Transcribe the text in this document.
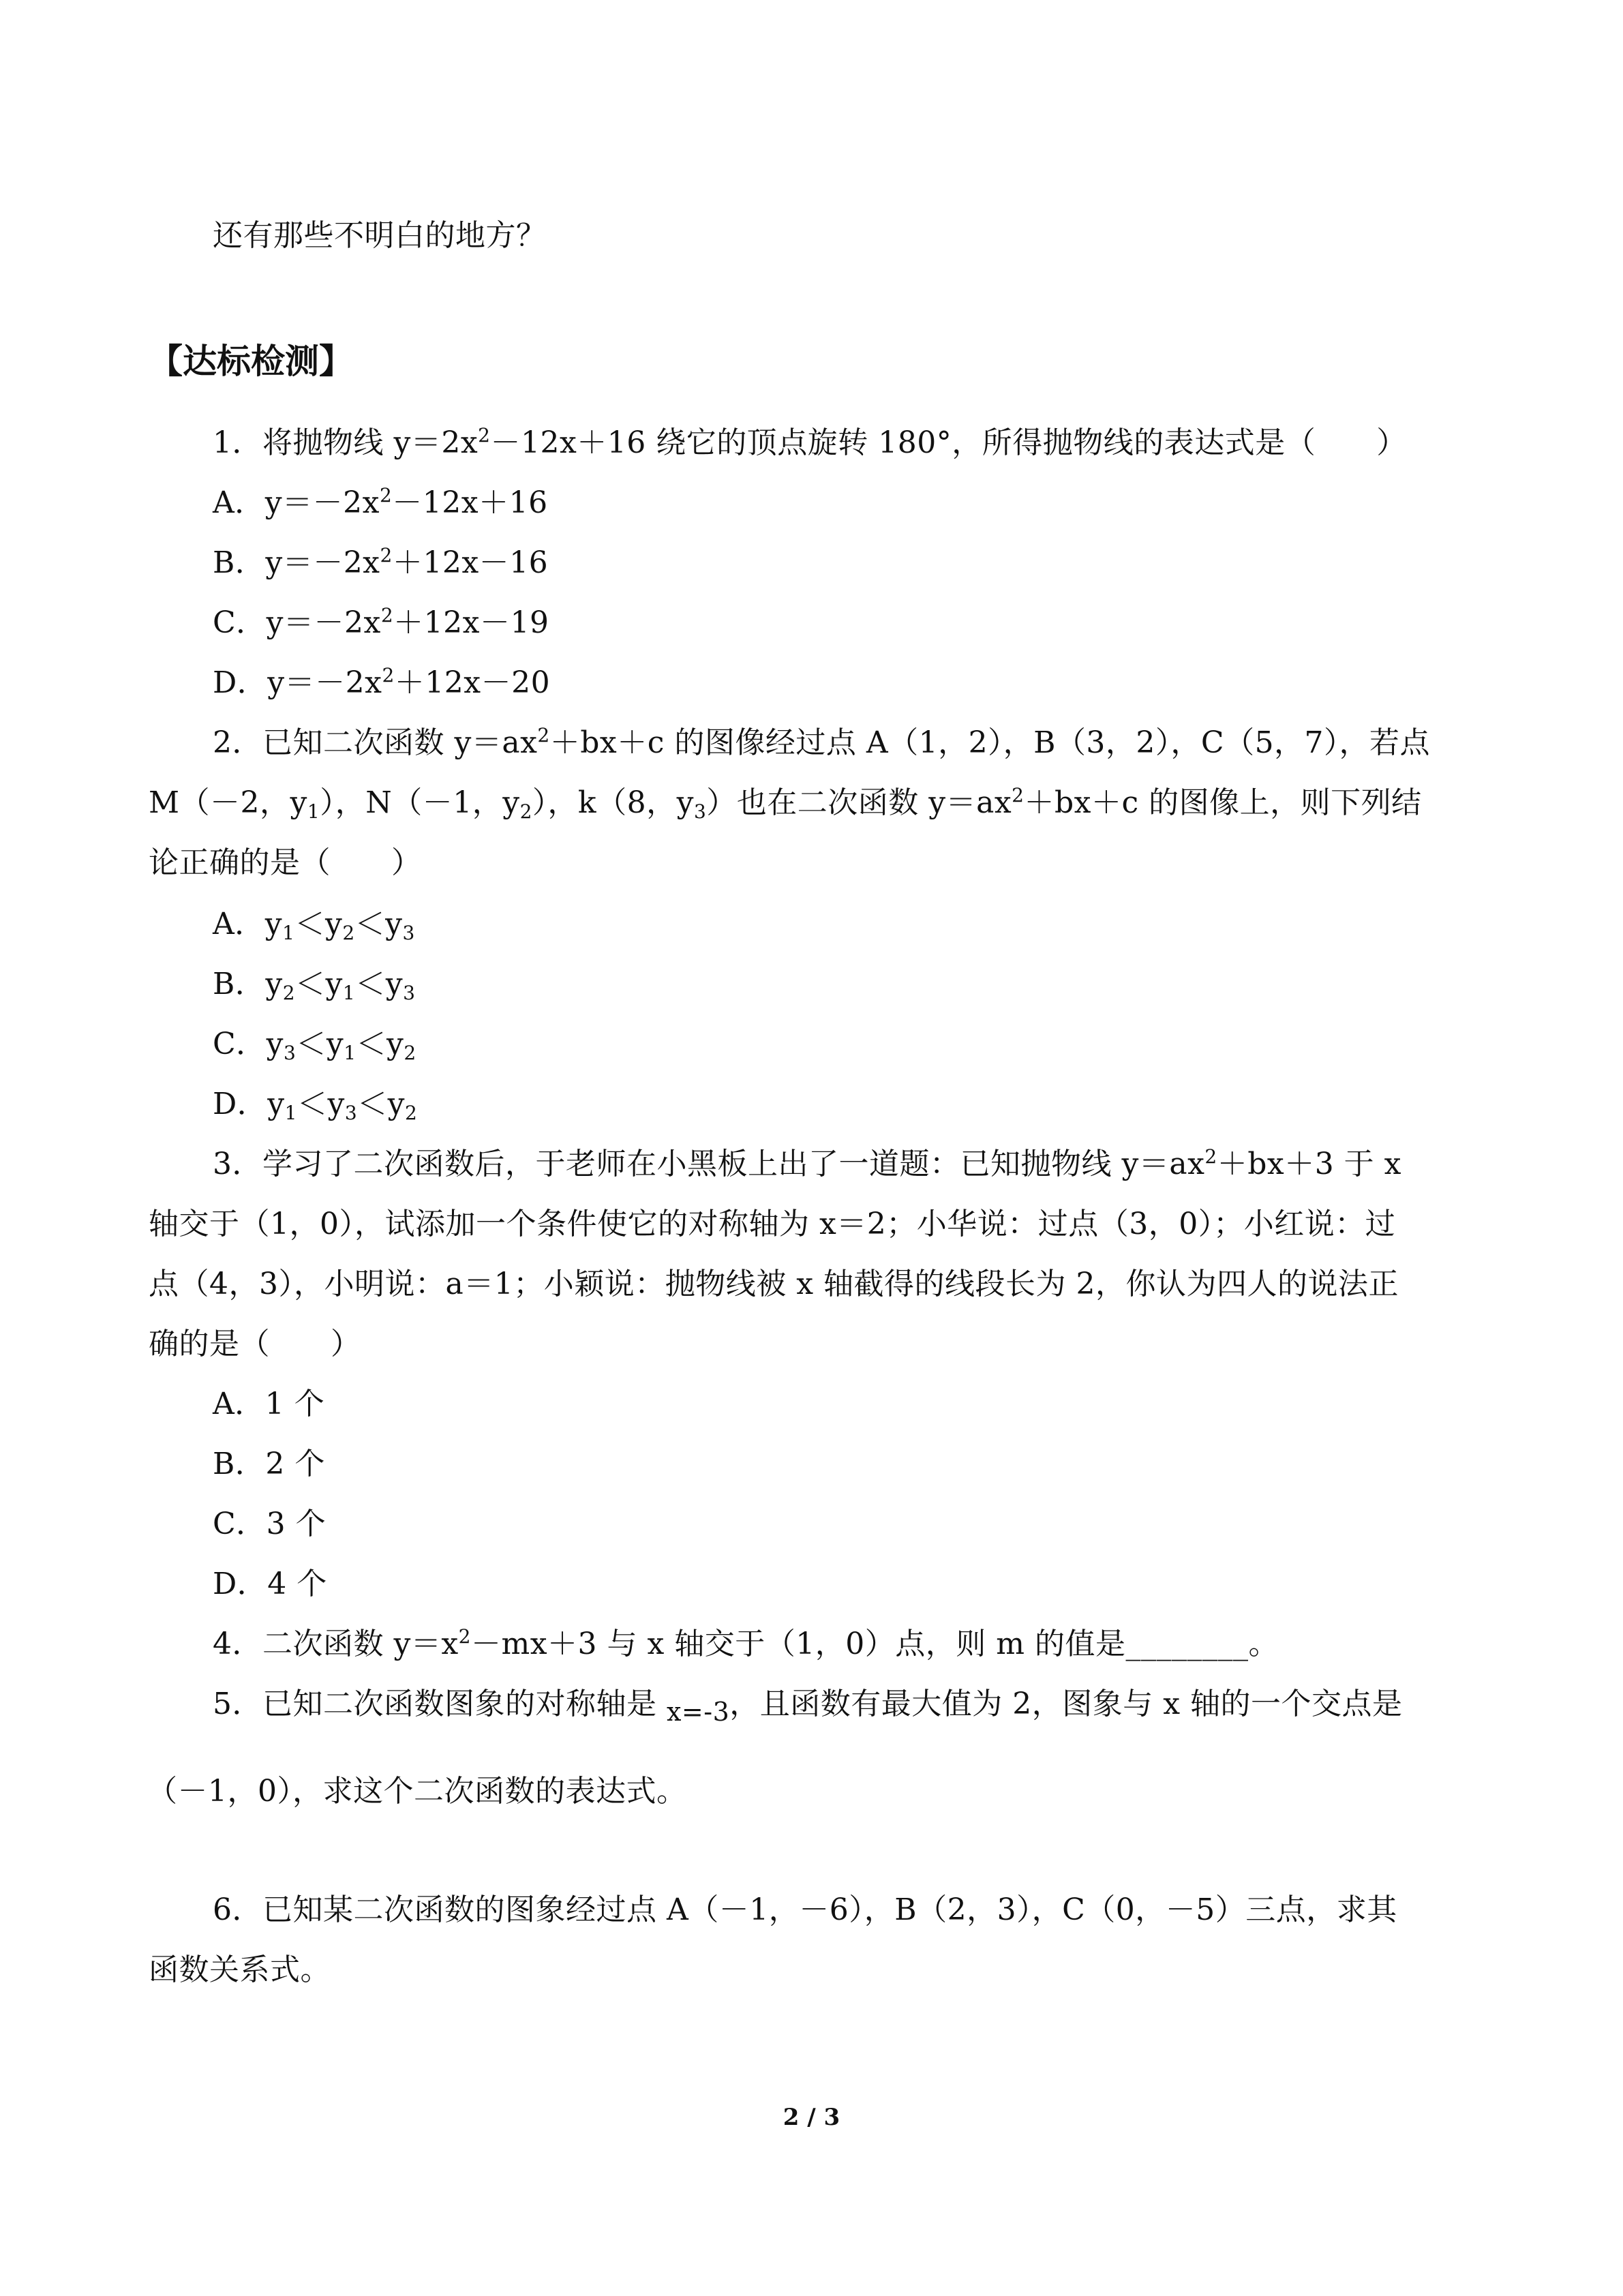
还有那些不明白的地方？
【达标检测】
1．将抛物线 $y=2x^2-12x+16$ 绕它的顶点旋转 180°，所得抛物线的表达式是（　　）
A．$y=-2x^2-12x+16$
B．$y=-2x^2+12x-16$
C．$y=-2x^2+12x-19$
D．$y=-2x^2+12x-20$
2．已知二次函数 $y=ax^2+bx+c$ 的图像经过点 A（1，2），B（3，2），C（5，7），若点
M（－2，$y_1$），N（－1，$y_2$），k（8，$y_3$）也在二次函数 $y=ax^2+bx+c$ 的图像上，则下列结
论正确的是（　　）
A．$y_1<y_2<y_3$
B．$y_2<y_1<y_3$
C．$y_3<y_1<y_2$
D．$y_1<y_3<y_2$
3．学习了二次函数后，于老师在小黑板上出了一道题：已知抛物线 $y=ax^2+bx+3$ 于 x
轴交于（1，0），试添加一个条件使它的对称轴为 x＝2；小华说：过点（3，0）；小红说：过
点（4，3），小明说：a＝1；小颖说：抛物线被 x 轴截得的线段长为 2，你认为四人的说法正
确的是（　　）
A．1 个
B．2 个
C．3 个
D．4 个
4．二次函数 $y=x^2-mx+3$ 与 x 轴交于（1，0）点，则 m 的值是________。
5．已知二次函数图象的对称轴是 x=-3，且函数有最大值为 2，图象与 x 轴的一个交点是
（－1，0），求这个二次函数的表达式。
6．已知某二次函数的图象经过点 A（－1，－6），B（2，3），C（0，－5）三点，求其
函数关系式。
2 / 3
